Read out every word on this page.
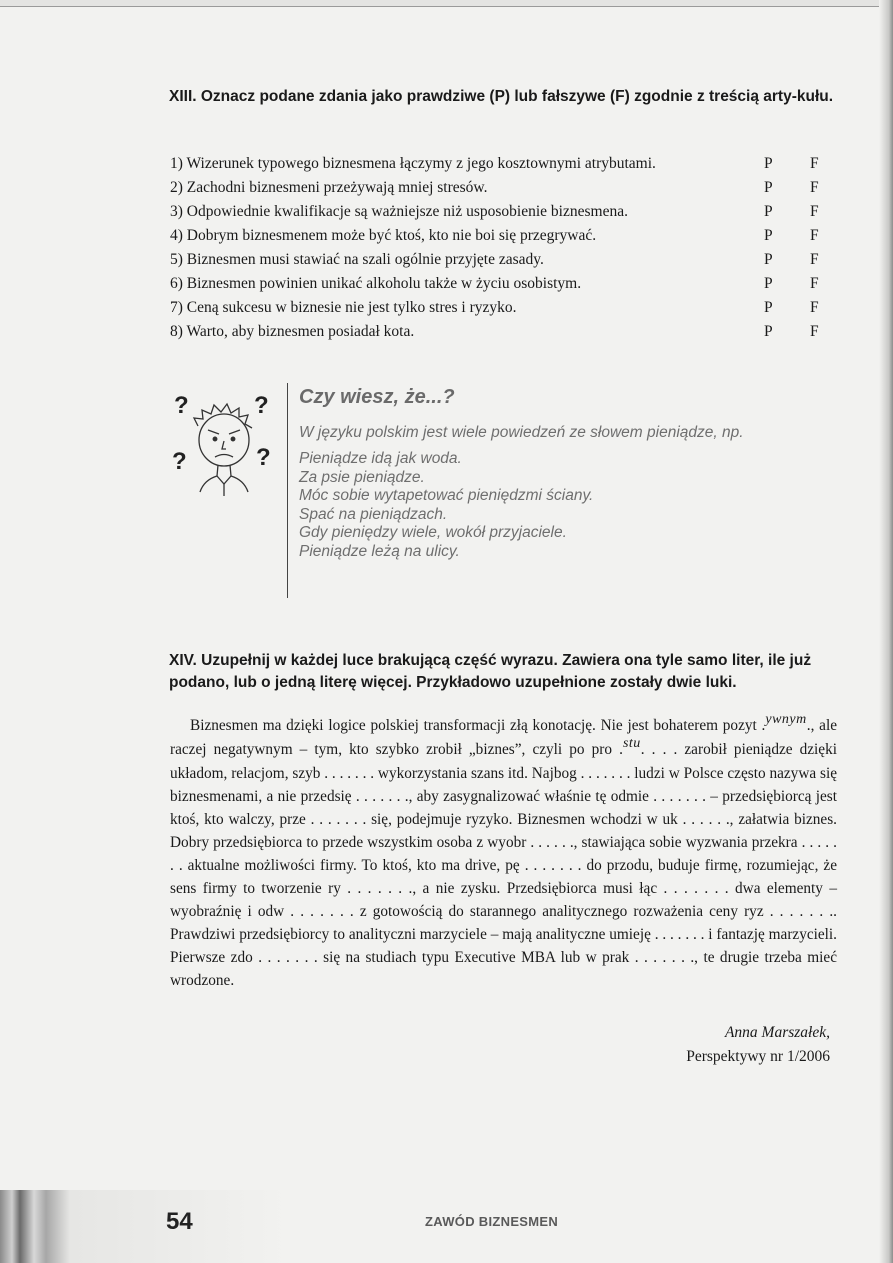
XIII. Oznacz podane zdania jako prawdziwe (P) lub fałszywe (F) zgodnie z treścią arty-kułu.
1) Wizerunek typowego biznesmena łączymy z jego kosztownymi atrybutami.	P F
2) Zachodni biznesmeni przeżywają mniej stresów.	P F
3) Odpowiednie kwalifikacje są ważniejsze niż usposobienie biznesmena.	P F
4) Dobrym biznesmenem może być ktoś, kto nie boi się przegrywać.	P F
5) Biznesmen musi stawiać na szali ogólnie przyjęte zasady.	P F
6) Biznesmen powinien unikać alkoholu także w życiu osobistym.	P F
7) Ceną sukcesu w biznesie nie jest tylko stres i ryzyko.	P F
8) Warto, aby biznesmen posiadał kota.	P F
?	?
?	?
Czy wiesz, że...?
W języku polskim jest wiele powiedzeń ze słowem pieniądze, np.
Pieniądze idą jak woda.
Za psie pieniądze.
Móc sobie wytapetować pieniędzmi ściany.
Spać na pieniądzach.
Gdy pieniędzy wiele, wokół przyjaciele.
Pieniądze leżą na ulicy.
XIV. Uzupełnij w każdej luce brakującą część wyrazu. Zawiera ona tyle samo liter, ile już podano, lub o jedną literę więcej. Przykładowo uzupełnione zostały dwie luki.

Biznesmen ma dzięki logice polskiej transformacji złą konotację. Nie jest bohaterem pozyt .ywnym., ale raczej negatywnym – tym, kto szybko zrobił „biznes”, czyli po pro .stu. . . . zarobił pieniądze dzięki układom, relacjom, szyb . . . . . . . wykorzystania szans itd. Najbog . . . . . . . ludzi w Polsce często nazywa się biznesmenami, a nie przedsię . . . . . . ., aby zasygnalizować właśnie tę odmie . . . . . . . – przedsiębiorcą jest ktoś, kto walczy, prze . . . . . . . się, podejmuje ryzyko. Biznesmen wchodzi w uk . . . . . ., załatwia biznes. Dobry przedsiębiorca to przede wszystkim osoba z wyobr . . . . . ., stawiająca sobie wyzwania przekra . . . . . . . aktualne możliwości firmy. To ktoś, kto ma drive, pę . . . . . . . do przodu, buduje firmę, rozumiejąc, że sens firmy to tworzenie ry . . . . . . ., a nie zysku. Przedsiębiorca musi łąc . . . . . . . dwa elementy – wyobraźnię i odw . . . . . . . z gotowością do starannego analitycznego rozważenia ceny ryz . . . . . . .. Prawdziwi przedsiębiorcy to analityczni marzyciele – mają analityczne umieję . . . . . . . i fantazję marzycieli. Pierwsze zdo . . . . . . . się na studiach typu Executive MBA lub w prak . . . . . . ., te drugie trzeba mieć wrodzone.

Anna Marszałek,
Perspektywy nr 1/2006
54	ZAWÓD BIZNESMEN
